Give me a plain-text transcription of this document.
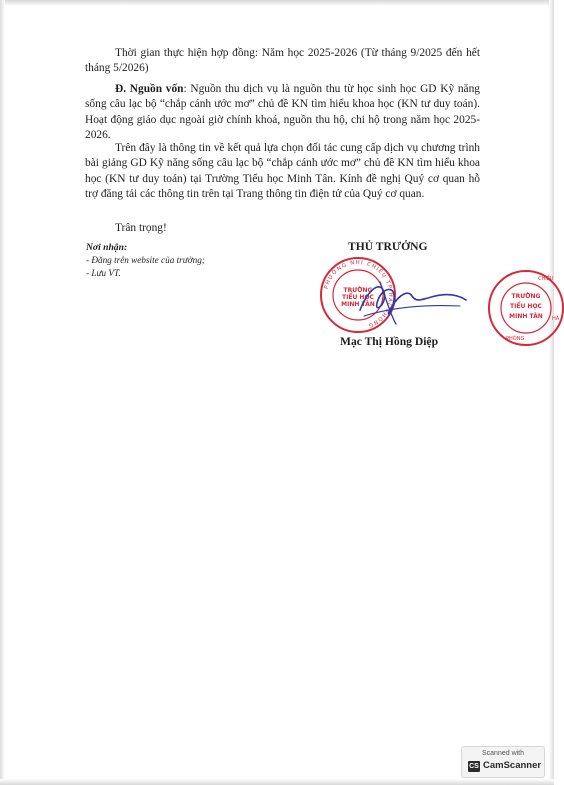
Thời gian thực hiện hợp đồng: Năm học 2025-2026 (Từ tháng 9/2025 đến hết tháng 5/2026)

Đ. Nguồn vốn: Nguồn thu dịch vụ là nguồn thu từ học sinh học GD Kỹ năng sống câu lạc bộ “chắp cánh ước mơ” chủ đề KN tìm hiểu khoa học (KN tư duy toán). Hoạt động giáo dục ngoài giờ chính khoá, nguồn thu hộ, chi hộ trong năm học 2025-2026.

Trên đây là thông tin về kết quả lựa chọn đối tác cung cấp dịch vụ chương trình bài giảng GD Kỹ năng sống câu lạc bộ “chắp cánh ước mơ” chủ đề KN tìm hiểu khoa học (KN tư duy toán) tại Trường Tiểu học Minh Tân. Kính đề nghị Quý cơ quan hỗ trợ đăng tải các thông tin trên tại Trang thông tin điện tử của Quý cơ quan.

Trân trọng!
Nơi nhận:
- Đăng trên website của trường;
- Lưu VT.
THỦ TRƯỞNG
PHƯỜNG NHI CHIỂU TP HẢI PHÒNG
TRƯỜNG
TIỂU HỌC
MINH TÂN
TRƯỜNG
TIỂU HỌC
MINH TÂN
CHIỂU
HÀ
PHÒNG
Mạc Thị Hồng Diệp
Scanned with
CS CamScanner
